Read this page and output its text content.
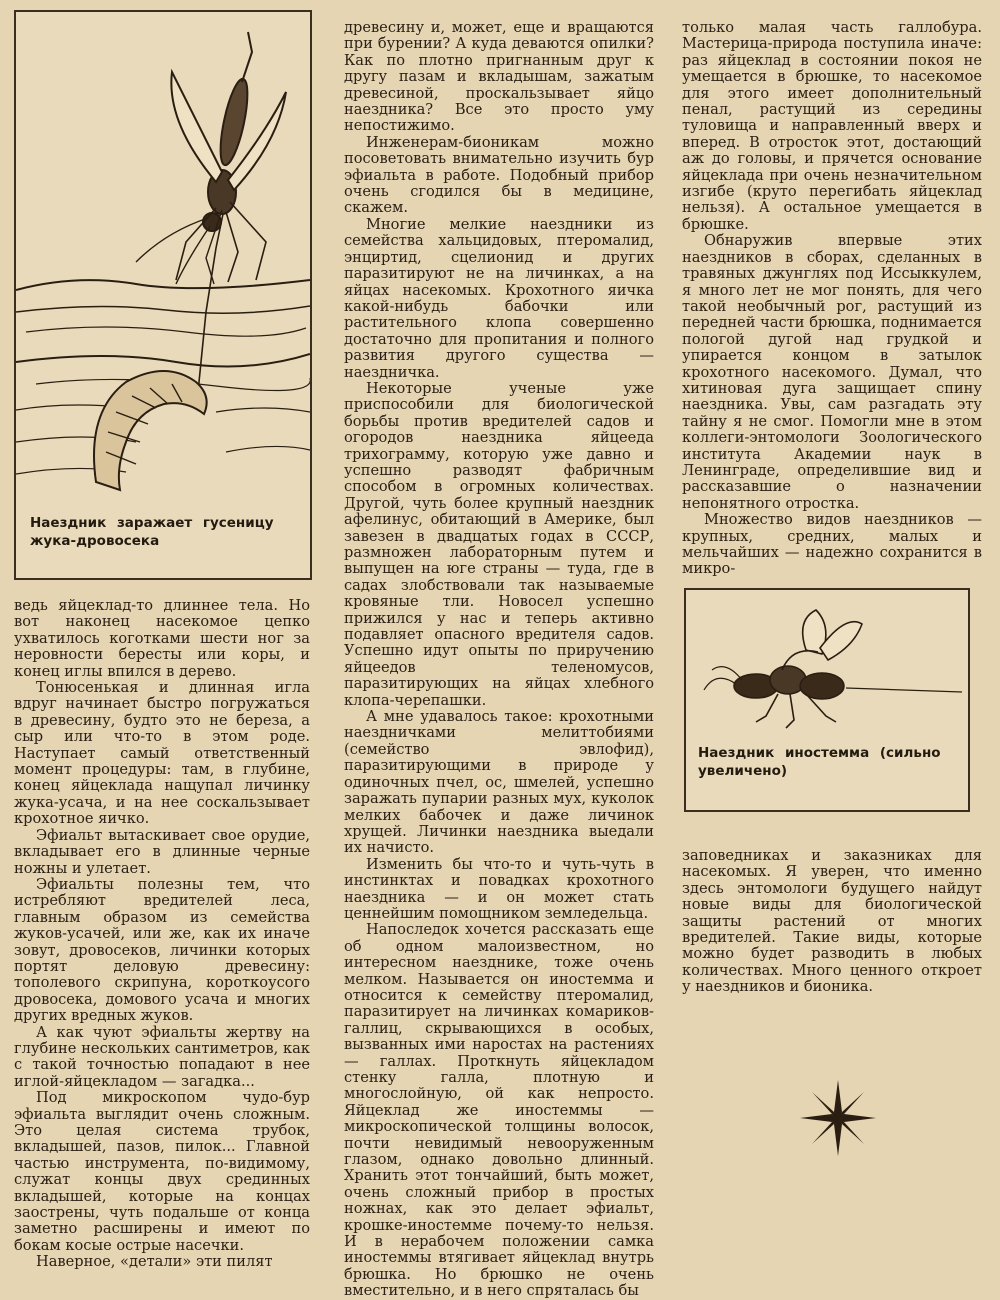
Наездник заражает гусеницу
жука-дровосека

ведь яйцеклад-то длиннее тела. Но вот наконец насекомое цепко ухватилось коготками шести ног за неровности бересты или коры, и конец иглы впился в дерево.

Тонюсенькая и длинная игла вдруг начинает быстро погружаться в древесину, будто это не береза, а сыр или что-то в этом роде. Наступает самый ответственный момент процедуры: там, в глубине, конец яйцеклада нащупал личинку жука-усача, и на нее соскальзывает крохотное яичко.

Эфиальт вытаскивает свое орудие, вкладывает его в длинные черные ножны и улетает.

Эфиальты полезны тем, что истребляют вредителей леса, главным образом из семейства жуков-усачей, или же, как их иначе зовут, дровосеков, личинки которых портят деловую древесину: тополевого скрипуна, короткоусого дровосека, домового усача и многих других вредных жуков.

А как чуют эфиальты жертву на глубине нескольких сантиметров, как с такой точностью попадают в нее иглой-яйцекладом — загадка...

Под микроскопом чудо-бур эфиальта выглядит очень сложным. Это целая система трубок, вкладышей, пазов, пилок... Главной частью инструмента, по-видимому, служат концы двух срединных вкладышей, которые на концах заострены, чуть подальше от конца заметно расширены и имеют по бокам косые острые насечки.

Наверное, «детали» эти пилят

древесину и, может, еще и вращаются при бурении? А куда деваются опилки? Как по плотно пригнанным друг к другу пазам и вкладышам, зажатым древесиной, проскальзывает яйцо наездника? Все это просто уму непостижимо.

Инженерам-бионикам можно посоветовать внимательно изучить бур эфиальта в работе. Подобный прибор очень сгодился бы в медицине, скажем.

Многие мелкие наездники из семейства хальцидовых, птеромалид, энциртид, сцелионид и других паразитируют не на личинках, а на яйцах насекомых. Крохотного яичка какой-нибудь бабочки или растительного клопа совершенно достаточно для пропитания и полного развития другого существа — наездничка.

Некоторые ученые уже приспособили для биологической борьбы против вредителей садов и огородов наездника яйцееда трихограмму, которую уже давно и успешно разводят фабричным способом в огромных количествах. Другой, чуть более крупный наездник афелинус, обитающий в Америке, был завезен в двадцатых годах в СССР, размножен лабораторным путем и выпущен на юге страны — туда, где в садах злобствовали так называемые кровяные тли. Новосел успешно прижился у нас и теперь активно подавляет опасного вредителя садов. Успешно идут опыты по приручению яйцеедов теленомусов, паразитирующих на яйцах хлебного клопа-черепашки.

А мне удавалось такое: крохотными наездничками мелиттобиями (семейство эвлофид), паразитирующими в природе у одиночных пчел, ос, шмелей, успешно заражать пупарии разных мух, куколок мелких бабочек и даже личинок хрущей. Личинки наездника выедали их начисто.

Изменить бы что-то и чуть-чуть в инстинктах и повадках крохотного наездника — и он может стать ценнейшим помощником земледельца.

Напоследок хочется рассказать еще об одном малоизвестном, но интересном наезднике, тоже очень мелком. Называется он иностемма и относится к семейству птеромалид, паразитирует на личинках комариков-галлиц, скрывающихся в особых, вызванных ими наростах на растениях — галлах. Проткнуть яйцекладом стенку галла, плотную и многослойную, ой как непросто. Яйцеклад же иностеммы — микроскопической толщины волосок, почти невидимый невооруженным глазом, однако довольно длинный. Хранить этот тончайший, быть может, очень сложный прибор в простых ножнах, как это делает эфиальт, крошке-иностемме почему-то нельзя. И в нерабочем положении самка иностеммы втягивает яйцеклад внутрь брюшка. Но брюшко не очень вместительно, и в него спряталась бы

только малая часть галлобура. Мастерица-природа поступила иначе: раз яйцеклад в состоянии покоя не умещается в брюшке, то насекомое для этого имеет дополнительный пенал, растущий из середины туловища и направленный вверх и вперед. В отросток этот, достающий аж до головы, и прячется основание яйцеклада при очень незначительном изгибе (круто перегибать яйцеклад нельзя). А остальное умещается в брюшке.

Обнаружив впервые этих наездников в сборах, сделанных в травяных джунглях под Иссыккулем, я много лет не мог понять, для чего такой необычный рог, растущий из передней части брюшка, поднимается пологой дугой над грудкой и упирается концом в затылок крохотного насекомого. Думал, что хитиновая дуга защищает спину наездника. Увы, сам разгадать эту тайну я не смог. Помогли мне в этом коллеги-энтомологи Зоологического института Академии наук в Ленинграде, определившие вид и рассказавшие о назначении непонятного отростка.

Множество видов наездников — крупных, средних, малых и мельчайших — надежно сохранится в микро-

Наездник иностемма (сильно
увеличено)

заповедниках и заказниках для насекомых. Я уверен, что именно здесь энтомологи будущего найдут новые виды для биологической защиты растений от многих вредителей. Такие виды, которые можно будет разводить в любых количествах. Много ценного откроет у наездников и бионика.
